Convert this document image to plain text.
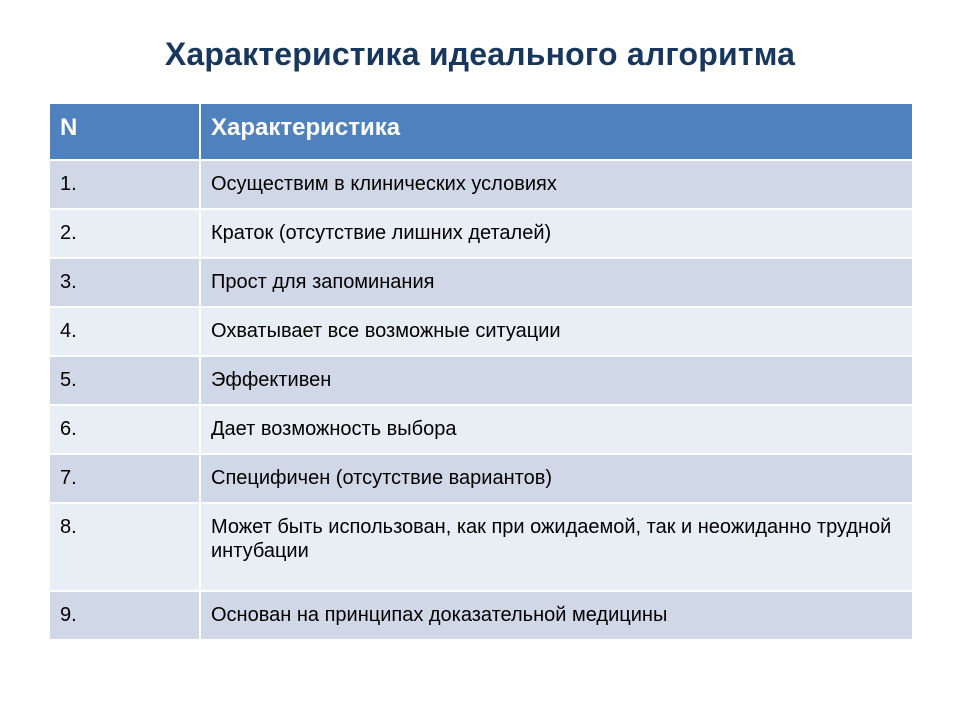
Характеристика идеального алгоритма
N	Характеристика
1.	Осуществим в клинических условиях
2.	Краток (отсутствие лишних деталей)
3.	Прост для запоминания
4.	Охватывает все возможные ситуации
5.	Эффективен
6.	Дает возможность выбора
7.	Специфичен (отсутствие вариантов)
8.	Может быть использован, как при ожидаемой, так и неожиданно трудной интубации
9.	Основан на принципах доказательной медицины
